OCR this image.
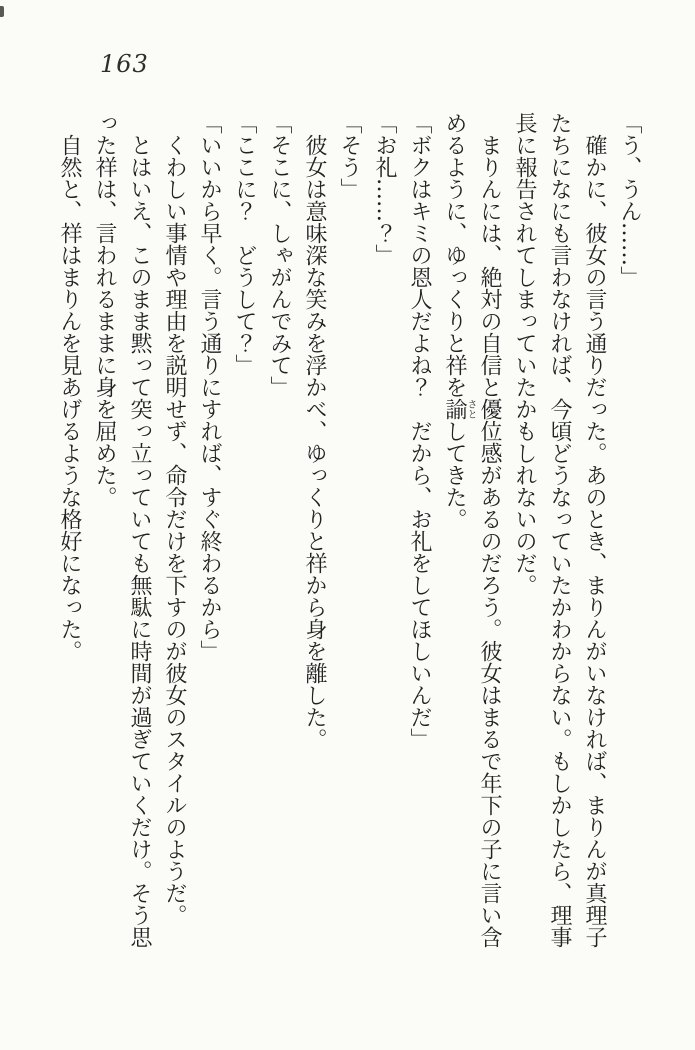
163

「う、うん……」

確かに、彼女の言う通りだった。あのとき、まりんがいなければ、まりんが真理子たちになにも言わなければ、今頃どうなっていたかわからない。もしかしたら、理事長に報告されてしまっていたかもしれないのだ。

まりんには、絶対の自信と優位感があるのだろう。彼女はまるで年下の子に言い含めるように、ゆっくりと祥を諭さとしてきた。

「ボクはキミの恩人だよね？　だから、お礼をしてほしいんだ」

「お礼……？」

「そう」

彼女は意味深な笑みを浮かべ、ゆっくりと祥から身を離した。

「そこに、しゃがんでみて」

「ここに？　どうして？」

「いいから早く。言う通りにすれば、すぐ終わるから」

くわしい事情や理由を説明せず、命令だけを下すのが彼女のスタイルのようだ。

とはいえ、このまま黙って突っ立っていても無駄に時間が過ぎていくだけ。そう思った祥は、言われるままに身を屈めた。

自然と、祥はまりんを見あげるような格好になった。
